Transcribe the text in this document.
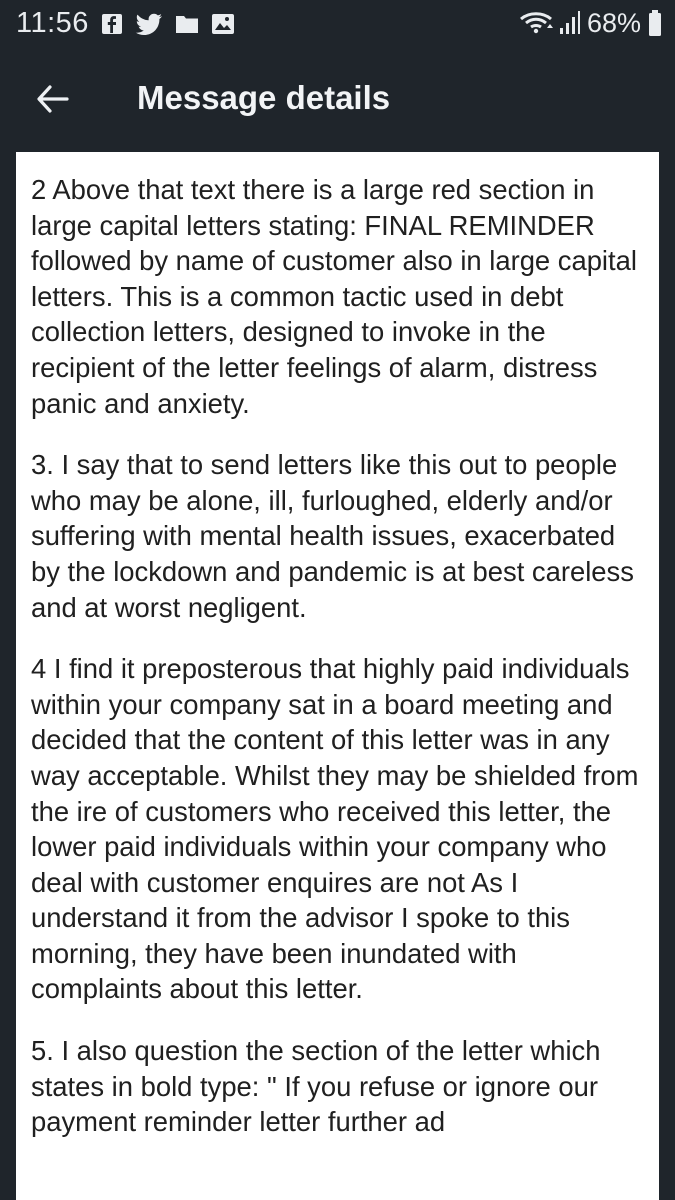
11:56	68%
Message details

2 Above that text there is a large red section in large capital letters stating: FINAL REMINDER followed by name of customer also in large capital letters. This is a common tactic used in debt collection letters, designed to invoke in the recipient of the letter feelings of alarm, distress panic and anxiety.

3. I say that to send letters like this out to people who may be alone, ill, furloughed, elderly and/or suffering with mental health issues, exacerbated by the lockdown and pandemic is at best careless and at worst negligent.

4 I find it preposterous that highly paid individuals within your company sat in a board meeting and decided that the content of this letter was in any way acceptable. Whilst they may be shielded from the ire of customers who received this letter, the lower paid individuals within your company who deal with customer enquires are not As I understand it from the advisor I spoke to this morning, they have been inundated with complaints about this letter.

5. I also question the section of the letter which states in bold type: " If you refuse or ignore our payment reminder letter further ad
